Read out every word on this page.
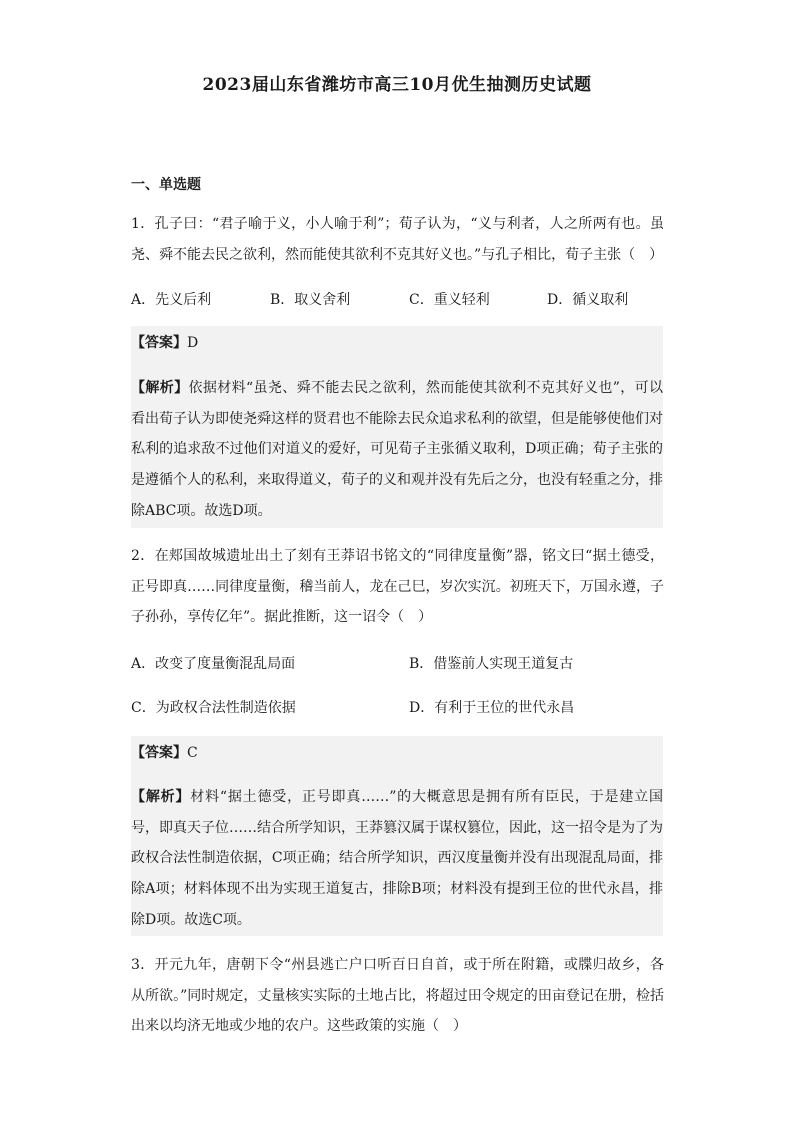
2023届山东省潍坊市高三10月优生抽测历史试题
一、单选题
1．孔子曰：“君子喻于义，小人喻于利”；荀子认为，“义与利者，人之所两有也。虽尧、舜不能去民之欲利，然而能使其欲利不克其好义也。”与孔子相比，荀子主张（　）
A．先义后利	B．取义舍利	C．重义轻利	D．循义取利
【答案】D
【解析】依据材料“虽尧、舜不能去民之欲利，然而能使其欲利不克其好义也”，可以看出荀子认为即使尧舜这样的贤君也不能除去民众追求私利的欲望，但是能够使他们对私利的追求敌不过他们对道义的爱好，可见荀子主张循义取利，D项正确；荀子主张的是遵循个人的私利，来取得道义，荀子的义和观并没有先后之分，也没有轻重之分，排除ABC项。故选D项。
2．在郏国故城遗址出土了刻有王莽诏书铭文的“同律度量衡”器，铭文曰“据土德受，正号即真……同律度量衡，稽当前人，龙在己巳，岁次实沉。初班天下，万国永遵，子子孙孙，享传亿年”。据此推断，这一诏令（　）
A．改变了度量衡混乱局面	B．借鉴前人实现王道复古
C．为政权合法性制造依据	D．有利于王位的世代永昌
【答案】C
【解析】材料“据土德受，正号即真……”的大概意思是拥有所有臣民，于是建立国号，即真天子位……结合所学知识，王莽篡汉属于谋权篡位，因此，这一招令是为了为政权合法性制造依据，C项正确；结合所学知识，西汉度量衡并没有出现混乱局面，排除A项；材料体现不出为实现王道复古，排除B项；材料没有提到王位的世代永昌，排除D项。故选C项。
3．开元九年，唐朝下令“州县逃亡户口听百日自首，或于所在附籍，或牒归故乡，各从所欲。”同时规定，丈量核实实际的土地占比，将超过田令规定的田亩登记在册，检括出来以均济无地或少地的农户。这些政策的实施（　）
